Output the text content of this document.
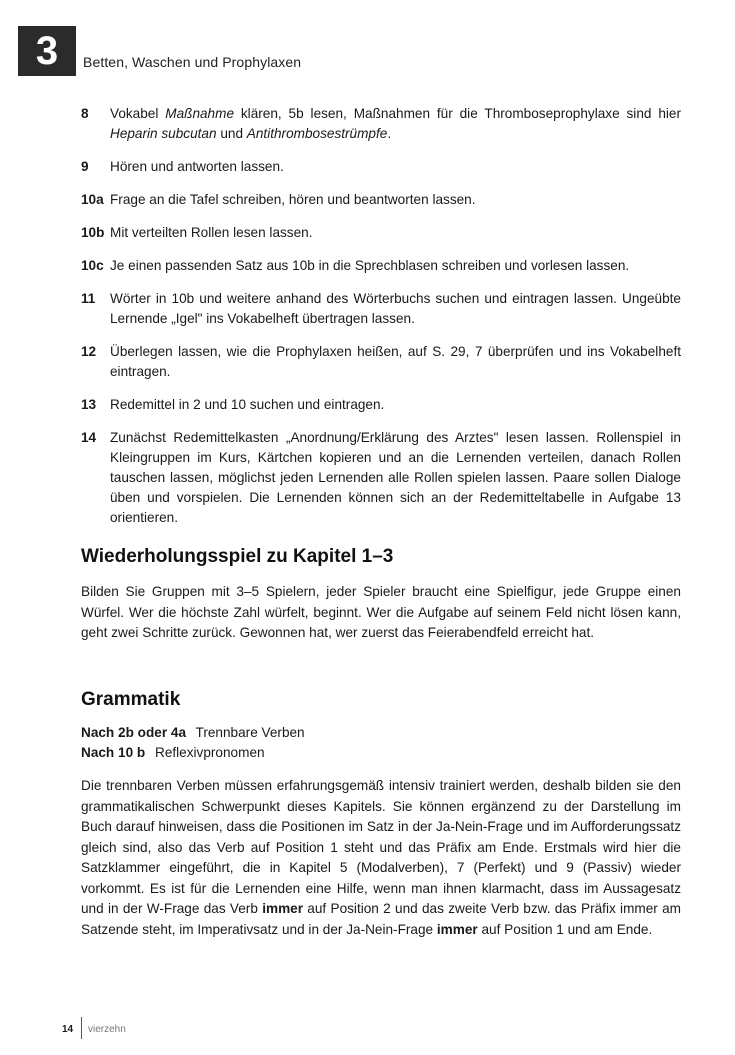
3	Betten, Waschen und Prophylaxen
8	Vokabel Maßnahme klären, 5b lesen, Maßnahmen für die Thromboseprophylaxe sind hier Heparin subcutan und Antithrombosestrümpfe.
9	Hören und antworten lassen.
10a Frage an die Tafel schreiben, hören und beantworten lassen.
10b Mit verteilten Rollen lesen lassen.
10c Je einen passenden Satz aus 10b in die Sprechblasen schreiben und vorlesen lassen.
11	Wörter in 10b und weitere anhand des Wörterbuchs suchen und eintragen lassen. Ungeübte Lernende „Igel" ins Vokabelheft übertragen lassen.
12	Überlegen lassen, wie die Prophylaxen heißen, auf S. 29, 7 überprüfen und ins Vokabelheft eintragen.
13	Redemittel in 2 und 10 suchen und eintragen.
14	Zunächst Redemittelkasten „Anordnung/Erklärung des Arztes" lesen lassen. Rollenspiel in Kleingruppen im Kurs, Kärtchen kopieren und an die Lernenden verteilen, danach Rollen tauschen lassen, möglichst jeden Lernenden alle Rollen spielen lassen. Paare sollen Dialoge üben und vorspielen. Die Lernenden können sich an der Redemitteltabelle in Aufgabe 13 orientieren.
Wiederholungsspiel zu Kapitel 1–3

Bilden Sie Gruppen mit 3–5 Spielern, jeder Spieler braucht eine Spielfigur, jede Gruppe einen Würfel. Wer die höchste Zahl würfelt, beginnt. Wer die Aufgabe auf seinem Feld nicht lösen kann, geht zwei Schritte zurück. Gewonnen hat, wer zuerst das Feierabendfeld erreicht hat.

Grammatik
Nach 2b oder 4a Trennbare Verben
Nach 10 b Reflexivpronomen

Die trennbaren Verben müssen erfahrungsgemäß intensiv trainiert werden, deshalb bilden sie den grammatikalischen Schwerpunkt dieses Kapitels. Sie können ergänzend zu der Darstellung im Buch darauf hinweisen, dass die Positionen im Satz in der Ja-Nein-Frage und im Aufforderungssatz gleich sind, also das Verb auf Position 1 steht und das Präfix am Ende. Erstmals wird hier die Satzklammer eingeführt, die in Kapitel 5 (Modalverben), 7 (Perfekt) und 9 (Passiv) wieder vorkommt. Es ist für die Lernenden eine Hilfe, wenn man ihnen klarmacht, dass im Aussagesatz und in der W-Frage das Verb immer auf Position 2 und das zweite Verb bzw. das Präfix immer am Satzende steht, im Imperativsatz und in der Ja-Nein-Frage immer auf Position 1 und am Ende.

14 vierzehn
